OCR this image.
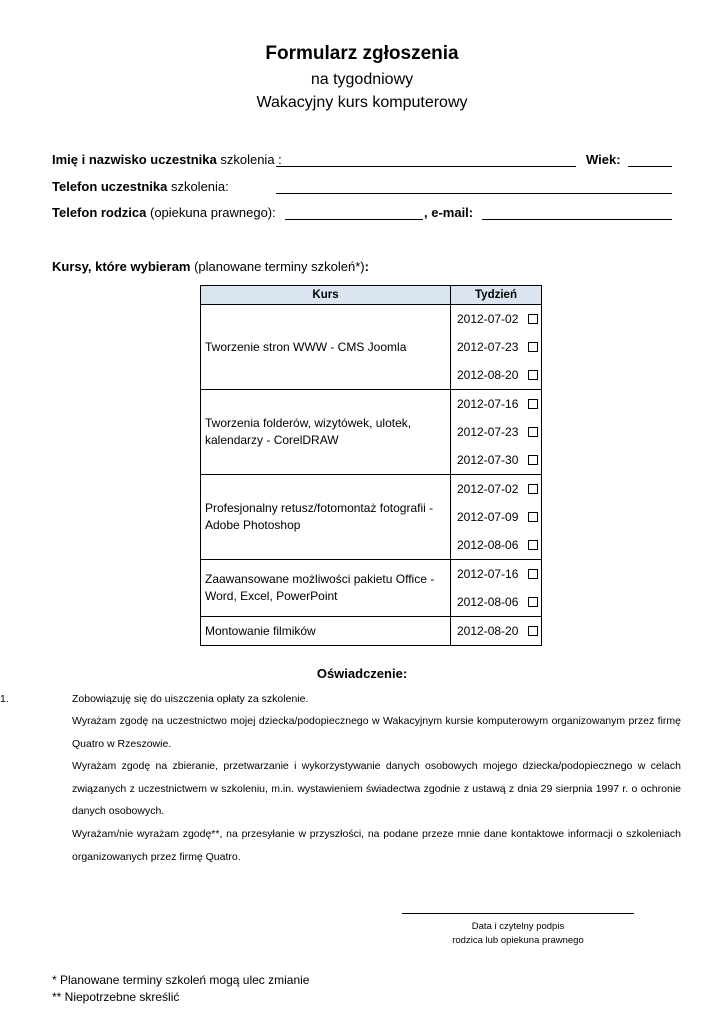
Formularz zgłoszenia
na tygodniowy
Wakacyjny kurs komputerowy
Imię i nazwisko uczestnika szkolenia :	Wiek:
Telefon uczestnika szkolenia:
Telefon rodzica (opiekuna prawnego):	, e-mail:
Kursy, które wybieram (planowane terminy szkoleń*):
Kurs	Tydzień
Tworzenie stron WWW - CMS Joomla	2012-07-02
2012-07-23
2012-08-20

Tworzenia folderów, wizytówek, ulotek, kalendarzy - CorelDRAW	2012-07-16
2012-07-23
2012-07-30

Profesjonalny retusz/fotomontaż fotografii - Adobe Photoshop	2012-07-02
2012-07-09
2012-08-06

Zaawansowane możliwości pakietu Office - Word, Excel, PowerPoint	2012-07-16
2012-08-06

Montowanie filmików	2012-08-20
Oświadczenie:
1.	Zobowiązuję się do uiszczenia opłaty za szkolenie.

Wyrażam zgodę na uczestnictwo mojej dziecka/podopiecznego w Wakacyjnym kursie komputerowym organizowanym przez firmę Quatro w Rzeszowie.

Wyrażam zgodę na zbieranie, przetwarzanie i wykorzystywanie danych osobowych mojego dziecka/podopiecznego w celach związanych z uczestnictwem w szkoleniu, m.in. wystawieniem świadectwa zgodnie z ustawą z dnia 29 sierpnia 1997 r. o ochronie danych osobowych.

Wyrażam/nie wyrażam zgodę**, na przesyłanie w przyszłości, na podane przeze mnie dane kontaktowe informacji o szkoleniach organizowanych przez firmę Quatro.

Data i czytelny podpis
rodzica lub opiekuna prawnego
* Planowane terminy szkoleń mogą ulec zmianie
** Niepotrzebne skreślić
